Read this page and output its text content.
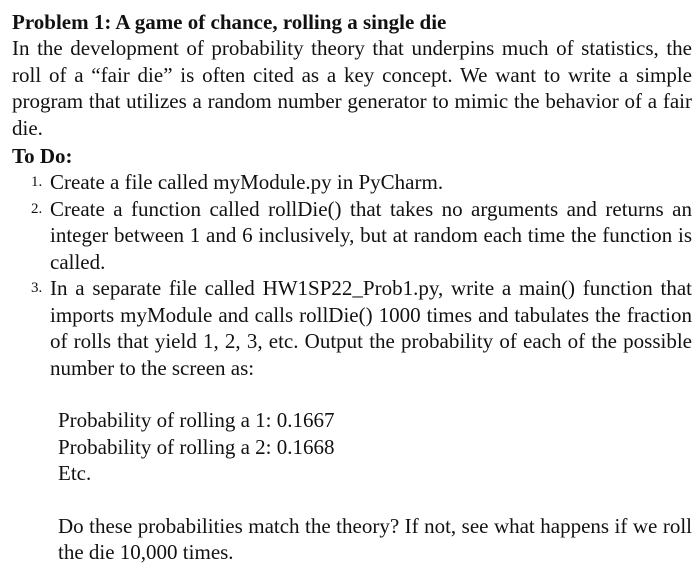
Problem 1: A game of chance, rolling a single die

In the development of probability theory that underpins much of statistics, the roll of a “fair die” is often cited as a key concept. We want to write a simple program that utilizes a random number generator to mimic the behavior of a fair die.

To Do:

1. Create a file called myModule.py in PyCharm.
2. Create a function called rollDie() that takes no arguments and returns an integer between 1 and 6 inclusively, but at random each time the function is called.
3. In a separate file called HW1SP22_Prob1.py, write a main() function that imports myModule and calls rollDie() 1000 times and tabulates the fraction of rolls that yield 1, 2, 3, etc. Output the probability of each of the possible number to the screen as:
Probability of rolling a 1: 0.1667
Probability of rolling a 2: 0.1668
Etc.

Do these probabilities match the theory? If not, see what happens if we roll the die 10,000 times.
